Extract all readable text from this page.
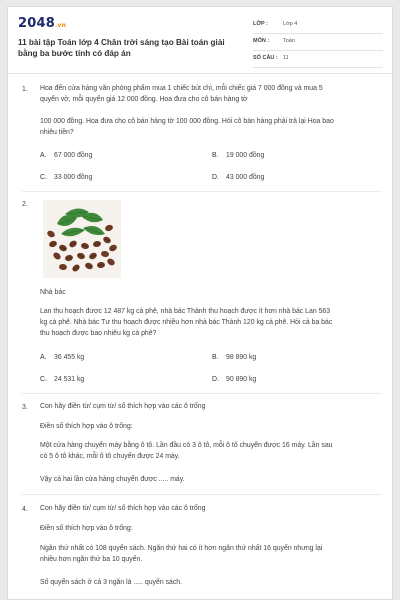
2048.vn
11 bài tập Toán lớp 4 Chân trời sáng tạo Bài toán giải bằng ba bước tính có đáp án
LỚP :	Lớp 4
MÔN :	Toán
SỐ CÂU : 11
1. Hoa đến cửa hàng văn phòng phẩm mua 1 chiếc bút chì, mỗi chiếc giá 7 000 đồng và mua 5
quyển vở, mỗi quyển giá 12 000 đồng. Hoa đưa cho cô bán hàng tờ
100 000 đồng. Hoa đưa cho cô bán hàng tờ 100 000 đồng. Hỏi cô bán hàng phải trả lại Hoa bao
nhiêu tiền?
A. 67 000 đồng	B. 19 000 đồng
C. 33 000 đồng	D. 43 000 đồng
2.
Nhà bác
Lan thu hoạch được 12 487 kg cà phê, nhà bác Thành thu hoạch được ít hơn nhà bác Lan 563
kg cà phê. Nhà bác Tư thu hoạch được nhiều hơn nhà bác Thành 120 kg cà phê. Hỏi cả ba bác
thu hoạch được bao nhiêu kg cà phê?
A. 36 455 kg	B. 98 890 kg
C. 24 531 kg	D. 90 890 kg
3. Con hãy điền từ/ cụm từ/ số thích hợp vào các ô trống
Điền số thích hợp vào ô trống:
Một cửa hàng chuyển máy bằng ô tô. Lần đầu có 3 ô tô, mỗi ô tô chuyển được 16 máy. Lần sau
có 5 ô tô khác, mỗi ô tô chuyển được 24 máy.
Vậy cả hai lần cửa hàng chuyển được ..... máy.
4. Con hãy điền từ/ cụm từ/ số thích hợp vào các ô trống
Điền số thích hợp vào ô trống:
Ngăn thứ nhất có 108 quyển sách. Ngăn thứ hai có ít hơn ngăn thứ nhất 16 quyển nhưng lại
nhiều hơn ngăn thứ ba 10 quyển.
Số quyển sách ở cả 3 ngăn là ..... quyển sách.
